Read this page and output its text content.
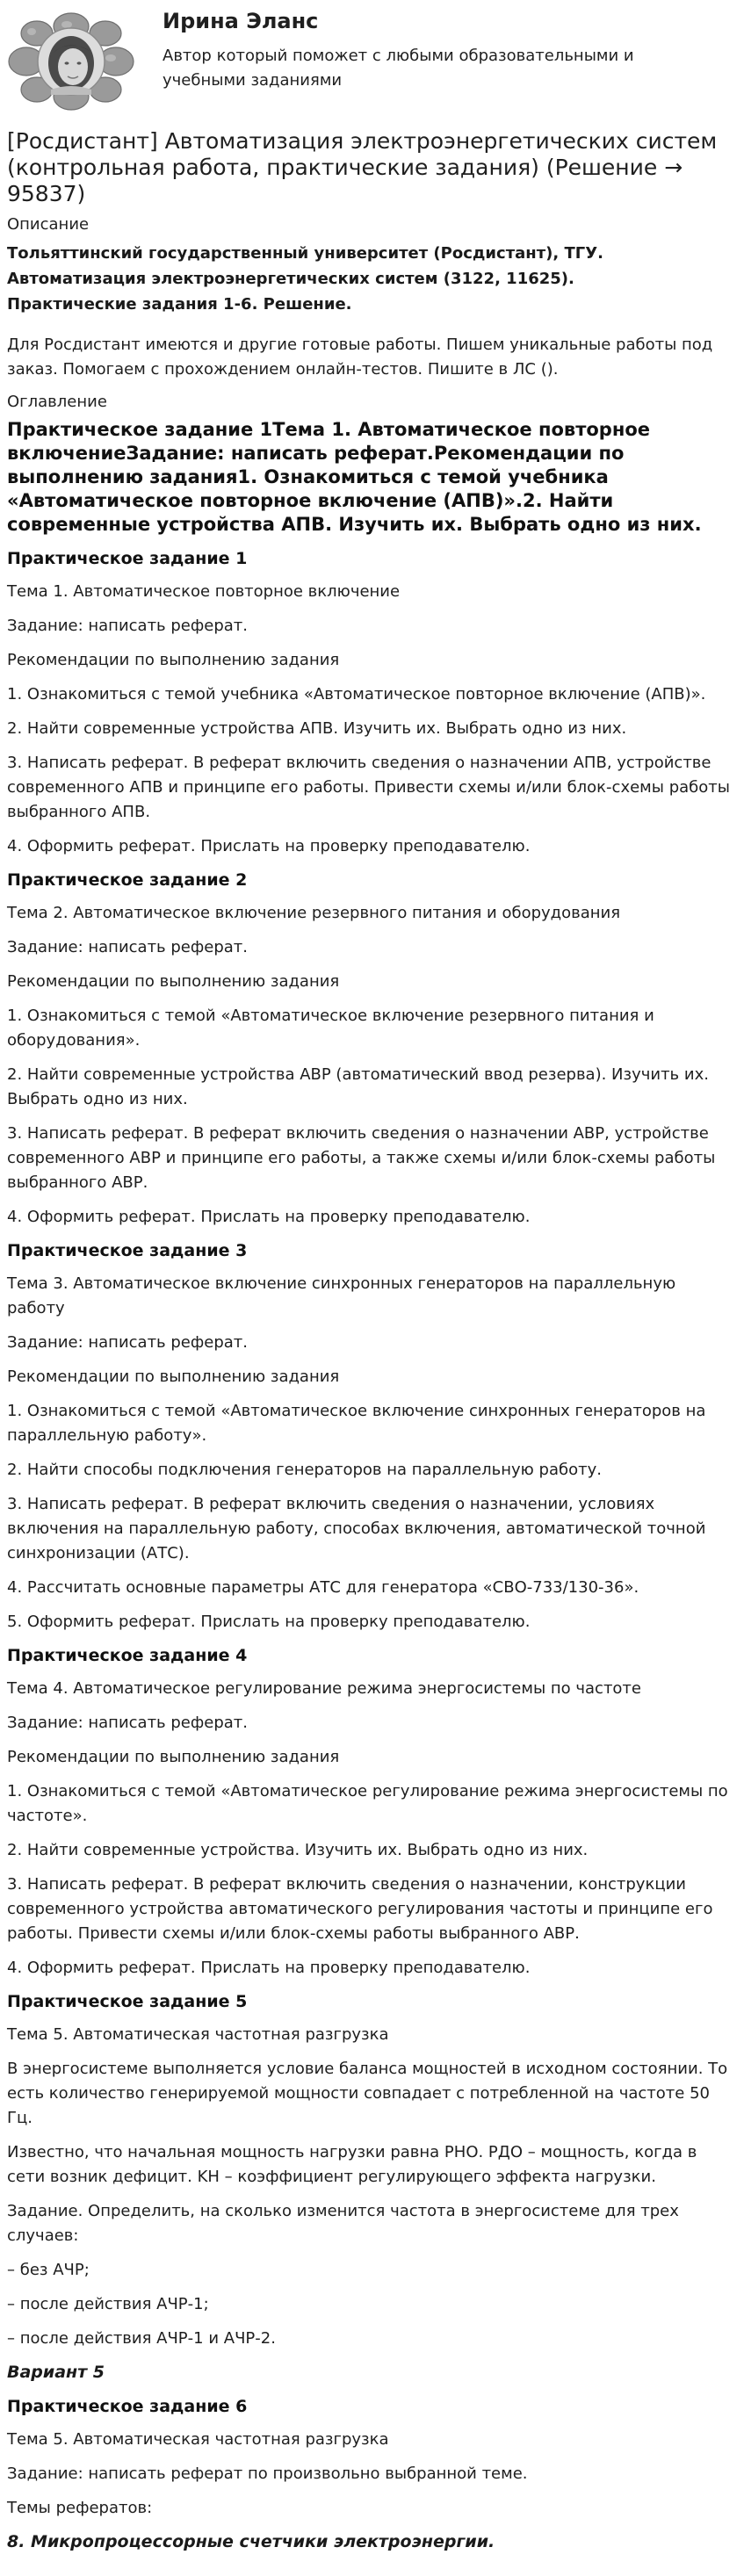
Ирина Эланс
Автор который поможет с любыми образовательными и учебными заданиями
[Росдистант] Автоматизация электроэнергетических систем (контрольная работа, практические задания) (Решение → 95837)
Описание
Тольяттинский государственный университет (Росдистант), ТГУ.
Автоматизация электроэнергетических систем (3122, 11625).
Практические задания 1-6. Решение.
Для Росдистант имеются и другие готовые работы. Пишем уникальные работы под заказ. Помогаем с прохождением онлайн-тестов. Пишите в ЛС ().
Оглавление
Практическое задание 1Тема 1. Автоматическое повторное включениеЗадание: написать реферат.Рекомендации по выполнению задания1. Ознакомиться с темой учебника «Автоматическое повторное включение (АПВ)».2. Найти современные устройства АПВ. Изучить их. Выбрать одно из них.
Практическое задание 1
Тема 1. Автоматическое повторное включение
Задание: написать реферат.
Рекомендации по выполнению задания
1. Ознакомиться с темой учебника «Автоматическое повторное включение (АПВ)».
2. Найти современные устройства АПВ. Изучить их. Выбрать одно из них.
3. Написать реферат. В реферат включить сведения о назначении АПВ, устройстве современного АПВ и принципе его работы. Привести схемы и/или блок-схемы работы выбранного АПВ.
4. Оформить реферат. Прислать на проверку преподавателю.
Практическое задание 2
Тема 2. Автоматическое включение резервного питания и оборудования
Задание: написать реферат.
Рекомендации по выполнению задания
1. Ознакомиться с темой «Автоматическое включение резервного питания и оборудования».
2. Найти современные устройства АВР (автоматический ввод резерва). Изучить их. Выбрать одно из них.
3. Написать реферат. В реферат включить сведения о назначении АВР, устройстве современного АВР и принципе его работы, а также схемы и/или блок-схемы работы выбранного АВР.
4. Оформить реферат. Прислать на проверку преподавателю.
Практическое задание 3
Тема 3. Автоматическое включение синхронных генераторов на параллельную работу
Задание: написать реферат.
Рекомендации по выполнению задания
1. Ознакомиться с темой «Автоматическое включение синхронных генераторов на параллельную работу».
2. Найти способы подключения генераторов на параллельную работу.
3. Написать реферат. В реферат включить сведения о назначении, условиях включения на параллельную работу, способах включения, автоматической точной синхронизации (АТС).
4. Рассчитать основные параметры АТС для генератора «СВО-733/130-36».
5. Оформить реферат. Прислать на проверку преподавателю.
Практическое задание 4
Тема 4. Автоматическое регулирование режима энергосистемы по частоте
Задание: написать реферат.
Рекомендации по выполнению задания
1. Ознакомиться с темой «Автоматическое регулирование режима энергосистемы по частоте».
2. Найти современные устройства. Изучить их. Выбрать одно из них.
3. Написать реферат. В реферат включить сведения о назначении, конструкции современного устройства автоматического регулирования частоты и принципе его работы. Привести схемы и/или блок-схемы работы выбранного АВР.
4. Оформить реферат. Прислать на проверку преподавателю.
Практическое задание 5
Тема 5. Автоматическая частотная разгрузка
В энергосистеме выполняется условие баланса мощностей в исходном состоянии. То есть количество генерируемой мощности совпадает с потребленной на частоте 50 Гц.
Известно, что начальная мощность нагрузки равна PНО. PДО – мощность, когда в сети возник дефицит. KН – коэффициент регулирующего эффекта нагрузки.
Задание. Определить, на сколько изменится частота в энергосистеме для трех случаев:
– без АЧР;
– после действия АЧР-1;
– после действия АЧР-1 и АЧР-2.
Вариант 5
Практическое задание 6
Тема 5. Автоматическая частотная разгрузка
Задание: написать реферат по произвольно выбранной теме.
Темы рефератов:
8. Микропроцессорные счетчики электроэнергии.
